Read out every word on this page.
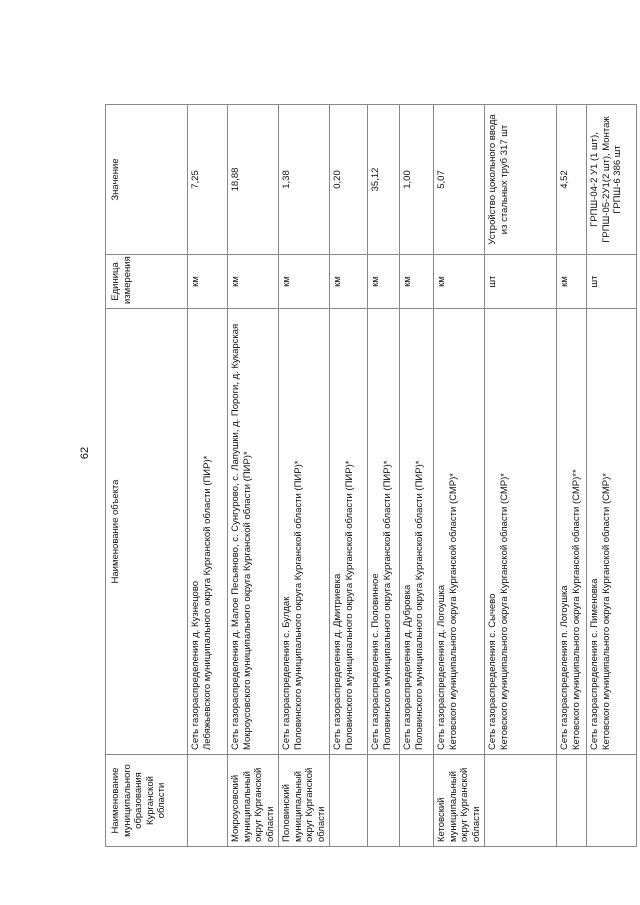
62
Наименование муниципального образования Курганской области	Наименование объекта	Единица измерения	Значение

	Сеть газораспределения д. Кузнецово Лебяжьевского муниципального округа Курганской области (ПИР)*	км	7,25
Мокроусовский муниципальный округ Курганской области	Сеть газораспределения д. Малое Песьяново, с. Сунгурово, с. Лапушки, д. Пороги, д. Кукарская Мокроусовского муниципального округа Курганской области (ПИР)*	км	18,88
Половинский муниципальный округ Курганской области	Сеть газораспределения с. Булдак Половинского муниципального округа Курганской области (ПИР)*	км	1,38

	Сеть газораспределения д. Дмитриевка Половинского муниципального округа Курганской области (ПИР)*	км	0,20

	Сеть газораспределения с. Половинное Половинского муниципального округа Курганской области (ПИР)*	км	35,12

	Сеть газораспределения д. Дубровка Половинского муниципального округа Курганской области (ПИР)*	км	1,00
Кетовский муниципальный округ Курганской области	Сеть газораспределения д. Логоушка Кетовского муниципального округа Курганской области (СМР)*	км	5,07

	Сеть газораспределения с. Сычево Кетовского муниципального округа Курганской области (СМР)*	шт	Устройство цокольного ввода из стальных труб 317 шт

	Сеть газораспределения п. Логоушка Кетовского муниципального округа Курганской области (СМР)**	км	4,52

	Сеть газораспределения с. Пименовка Кетовского муниципального округа Курганской области (СМР)*	шт	ГРПШ-04-2 У1 (1 шт), ГРПШ-05-2У1(2 шт), Монтаж ГРПШ-6 386 шт
